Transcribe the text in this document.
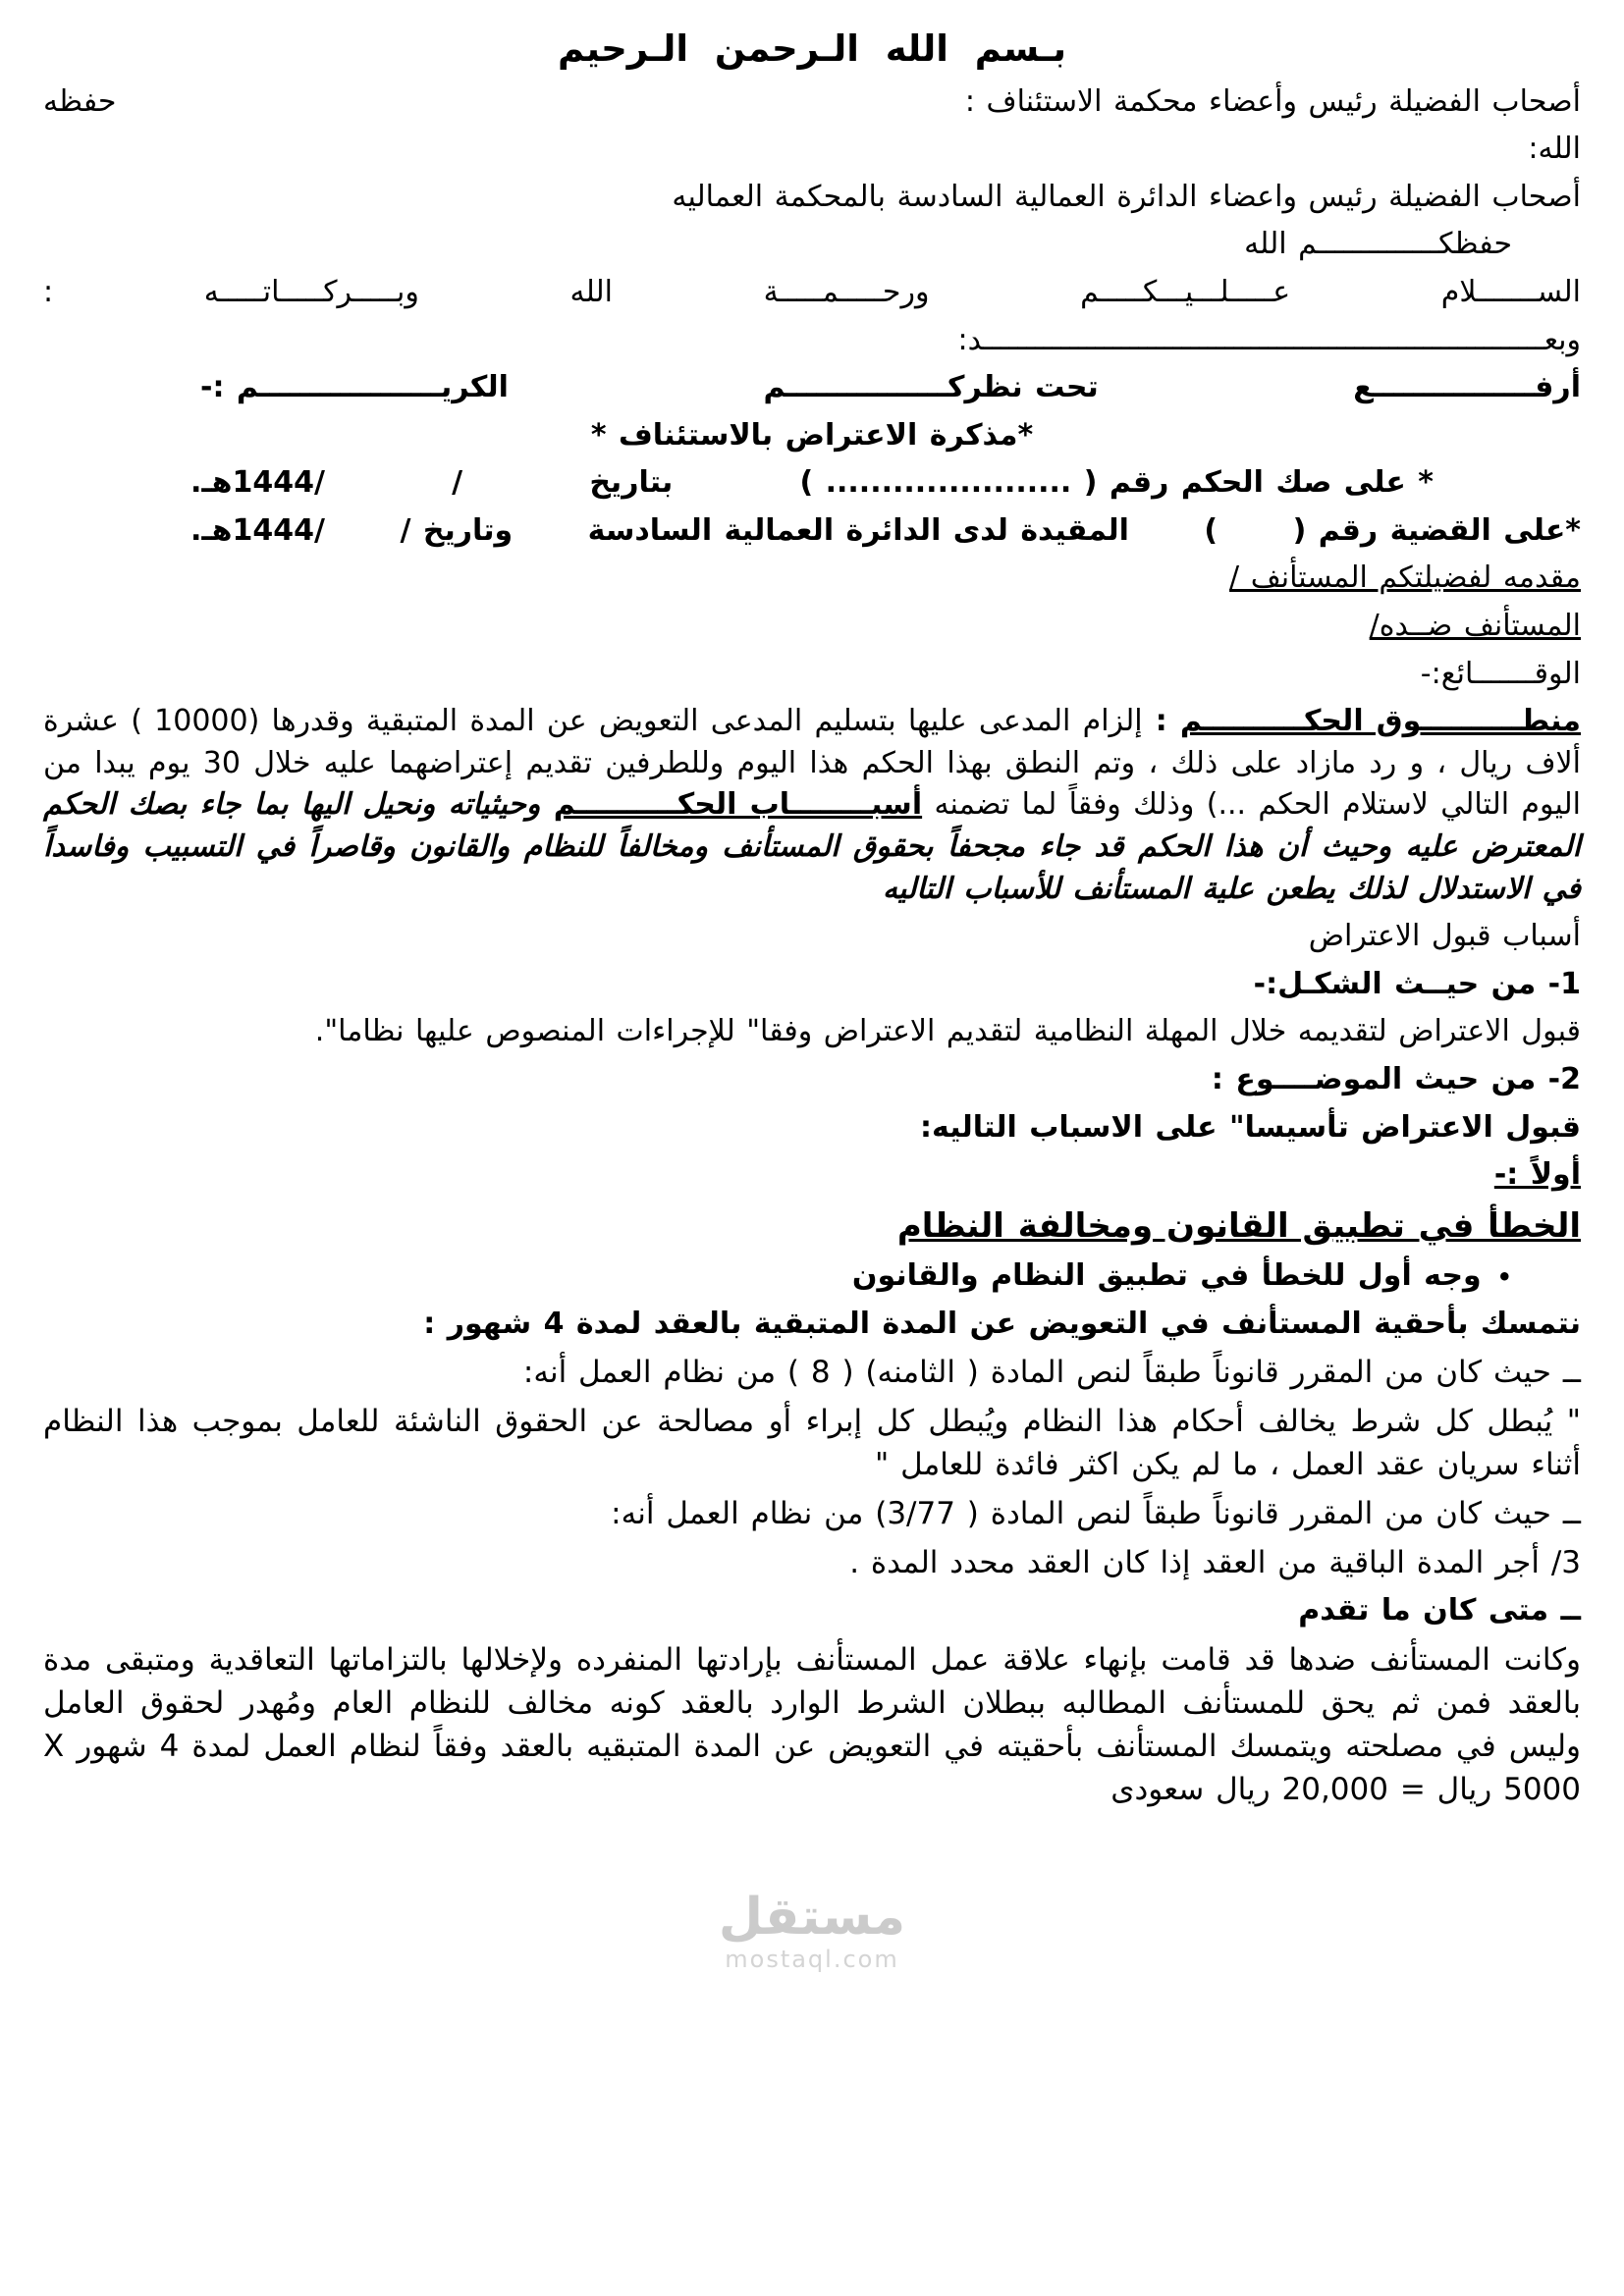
بـسم الله الـرحمن الـرحيم
أصحاب الفضيلة رئيس وأعضاء محكمة الاستئناف :
حفظه
الله:
أصحاب الفضيلة رئيس واعضاء الدائرة العمالية السادسة بالمحكمة العماليه
حفظكــــــــــــــم الله
الســـــــلام
عـــــلـــيـــكـــــم
ورحـــــمـــــة
الله
وبـــــركـــــاتـــــه
:
وبعـــــــــــــــــــــــــــــــــــــــــــــــــــــــــــــــــد:
أرفــــــــــــــــع
تحت نظركــــــــــــــــم
الكريــــــــــــــــــم :-
*مذكرة الاعتراض بالاستئناف *
* على صك الحكم رقم ( ...................... )
بتاريخ
/
/1444هـ.
*على القضية رقم (
)
المقيدة لدى الدائرة العمالية السادسة
وتاريخ /
/1444هـ.
مقدمه لفضيلتكم المستأنف /
المستأنف ضــده/
الوقـــــــائع:-
منطــــــــــوق الحكــــــــــم : إلزام المدعى عليها بتسليم المدعى التعويض عن المدة المتبقية وقدرها (10000 ) عشرة ألاف ريال ، و رد مازاد على ذلك ، وتم النطق بهذا الحكم هذا اليوم وللطرفين تقديم إعتراضهما عليه خلال 30 يوم يبدا من اليوم التالي لاستلام الحكم ...) وذلك وفقاً لما تضمنه أسبــــــــاب الحكــــــــــم وحيثياته ونحيل اليها بما جاء بصك الحكم المعترض عليه وحيث أن هذا الحكم قد جاء مجحفاً بحقوق المستأنف ومخالفاً للنظام والقانون وقاصراً في التسبيب وفاسداً في الاستدلال لذلك يطعن علية المستأنف للأسباب التاليه
أسباب قبول الاعتراض
1- من حيــث الشكـل:-
قبول الاعتراض لتقديمه خلال المهلة النظامية لتقديم الاعتراض وفقا" للإجراءات المنصوص عليها نظاما".
2- من حيث الموضــــوع :
قبول الاعتراض تأسيسا" على الاسباب التاليه:
أولاً :-
الخطأ في تطبيق القانون ومخالفة النظام
•وجه أول للخطأ في تطبيق النظام والقانون
نتمسك بأحقية المستأنف في التعويض عن المدة المتبقية بالعقد لمدة 4 شهور :
ــ حيث كان من المقرر قانوناً طبقاً لنص المادة ( الثامنه) ( 8 ) من نظام العمل أنه:
" يُبطل كل شرط يخالف أحكام هذا النظام ويُبطل كل إبراء أو مصالحة عن الحقوق الناشئة للعامل بموجب هذا النظام أثناء سريان عقد العمل ، ما لم يكن اكثر فائدة للعامل "
ــ حيث كان من المقرر قانوناً طبقاً لنص المادة ( 3/77) من نظام العمل أنه:
3/ أجر المدة الباقية من العقد إذا كان العقد محدد المدة .
ــ متى كان ما تقدم
وكانت المستأنف ضدها قد قامت بإنهاء علاقة عمل المستأنف بإرادتها المنفرده ولإخلالها بالتزاماتها التعاقدية ومتبقى مدة بالعقد فمن ثم يحق للمستأنف المطالبه ببطلان الشرط الوارد بالعقد كونه مخالف للنظام العام ومُهدر لحقوق العامل وليس في مصلحته ويتمسك المستأنف بأحقيته في التعويض عن المدة المتبقيه بالعقد وفقاً لنظام العمل لمدة 4 شهور X 5000 ريال = 20,000 ريال سعودى
مستقل
mostaql.com
